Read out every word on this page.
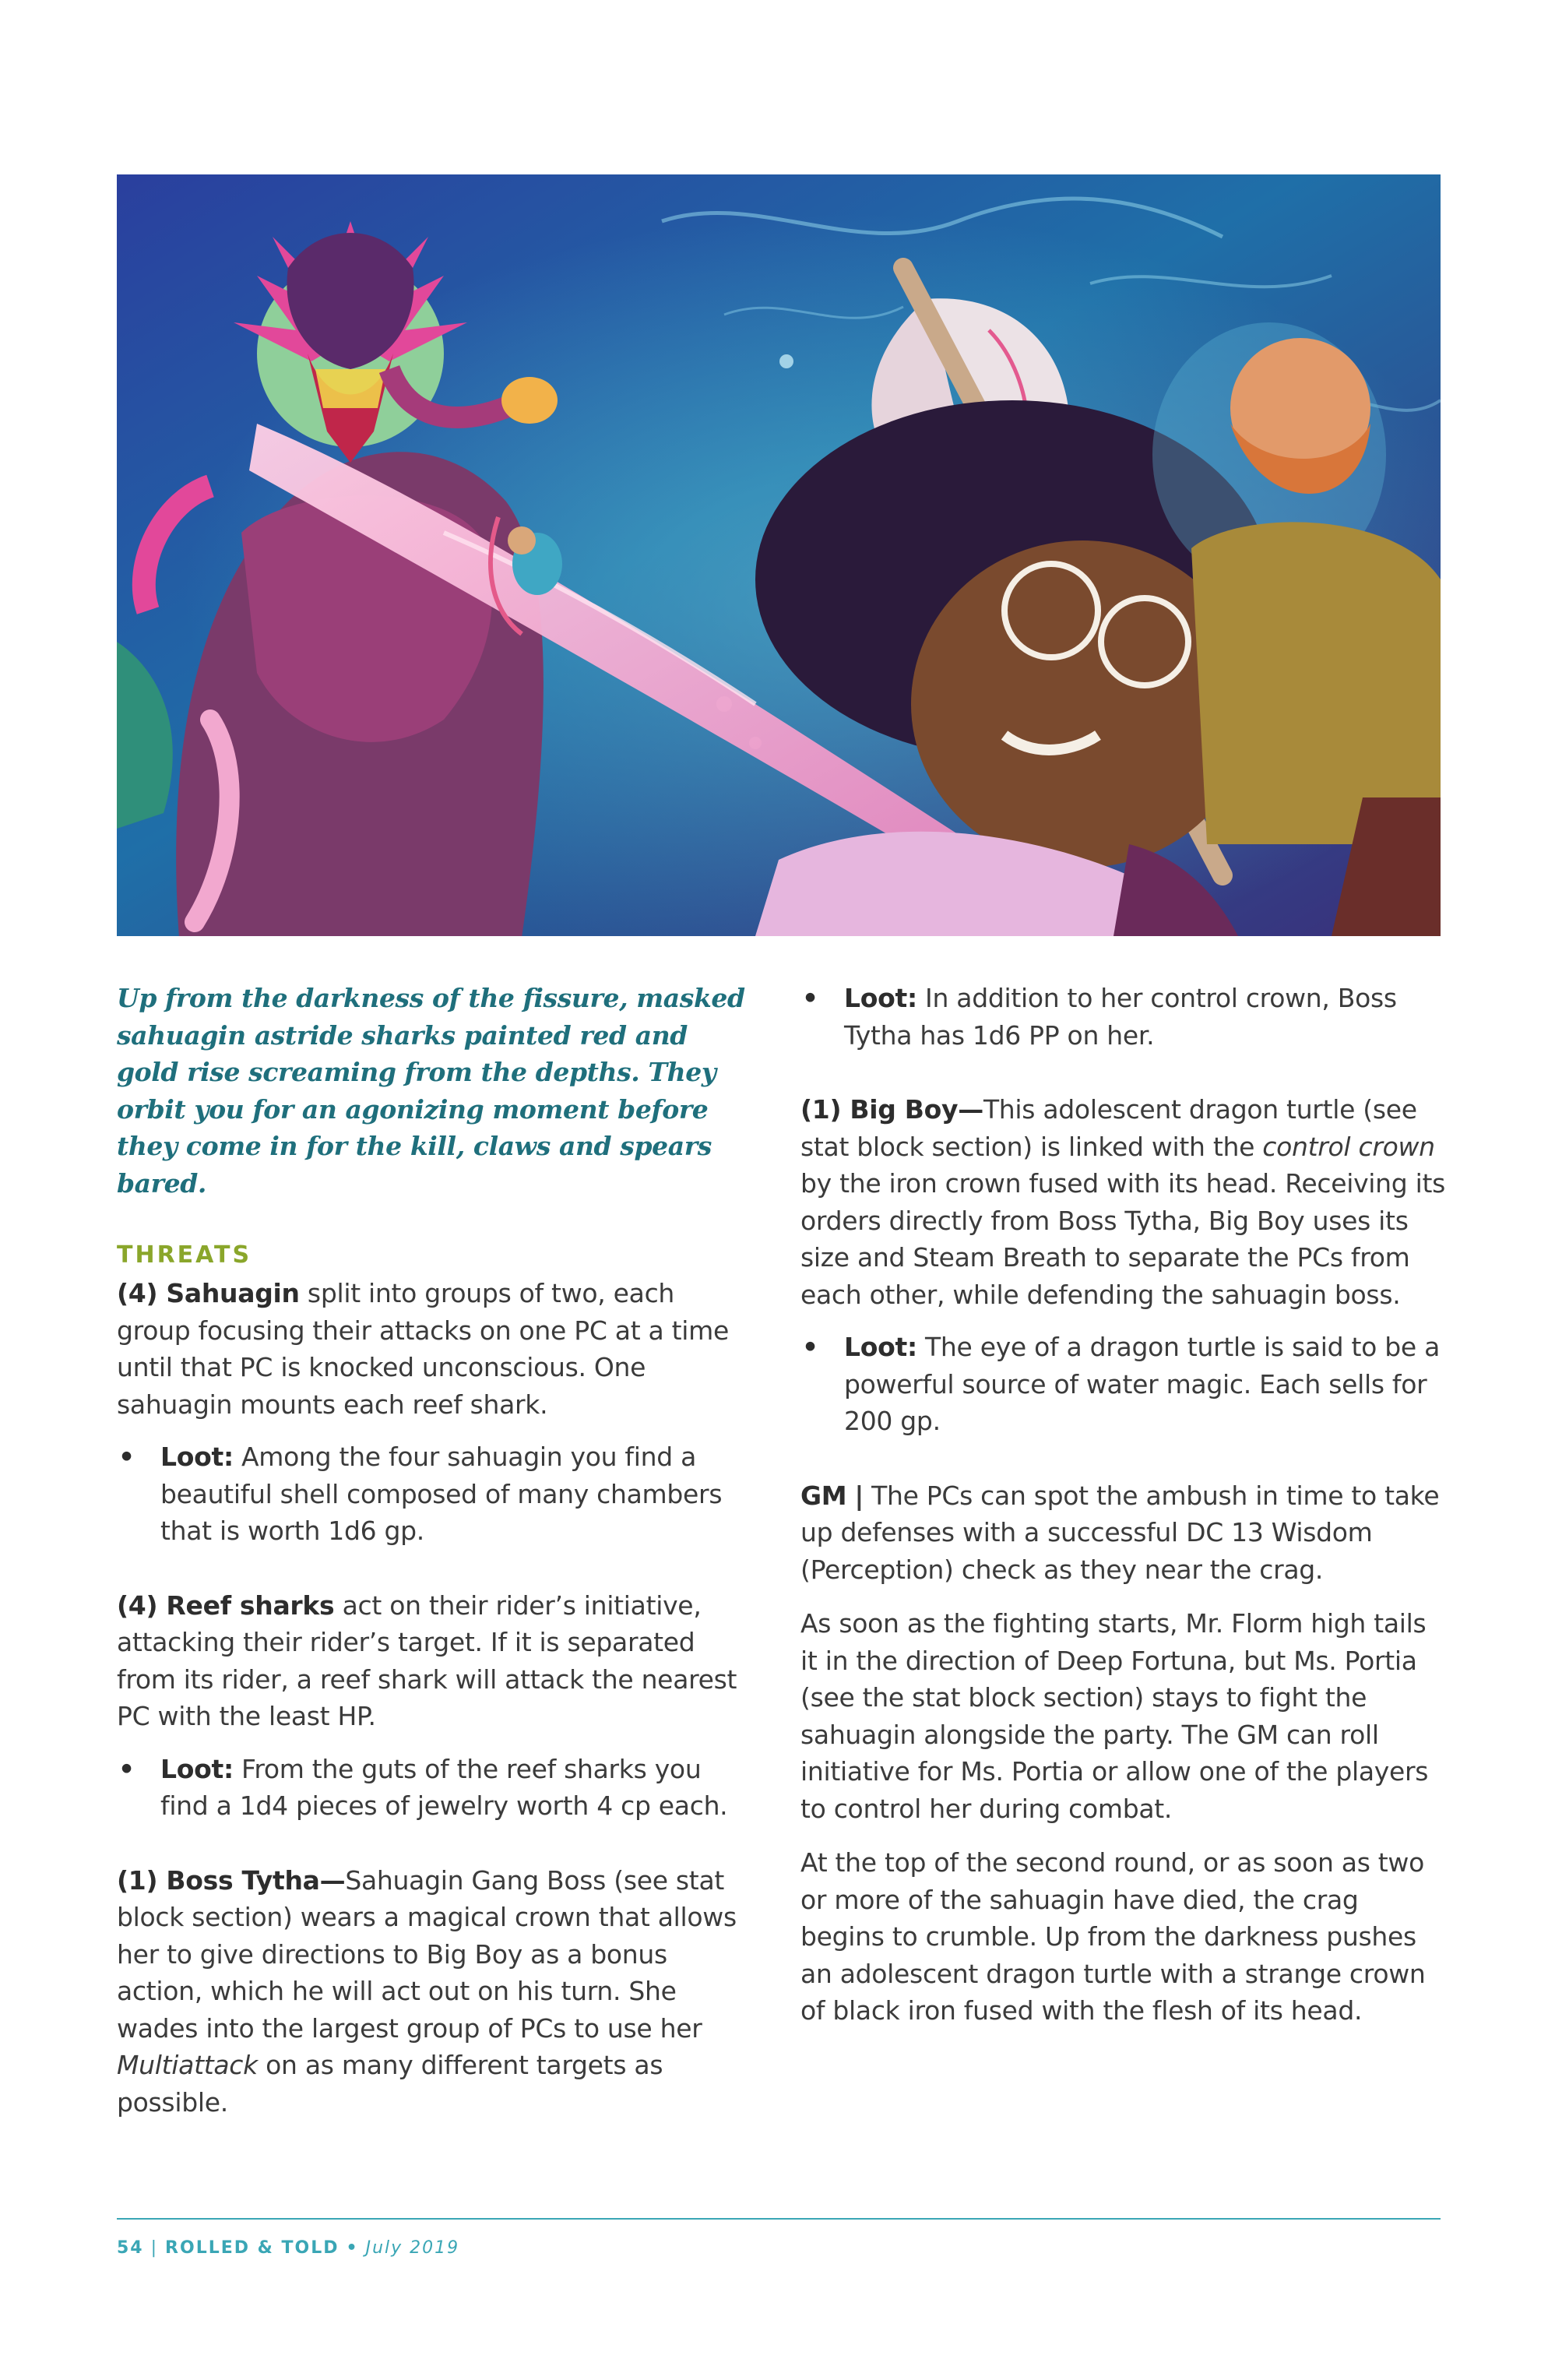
Up from the darkness of the fissure, masked sahuagin astride sharks painted red and gold rise screaming from the depths. They orbit you for an agonizing moment before they come in for the kill, claws and spears bared.

THREATS

(4) Sahuagin split into groups of two, each group focusing their attacks on one PC at a time until that PC is knocked unconscious. One sahuagin mounts each reef shark.

• Loot: Among the four sahuagin you find a beautiful shell composed of many chambers that is worth 1d6 gp.

(4) Reef sharks act on their rider’s initiative, attacking their rider’s target. If it is separated from its rider, a reef shark will attack the nearest PC with the least HP.

• Loot: From the guts of the reef sharks you find a 1d4 pieces of jewelry worth 4 cp each.

(1) Boss Tytha—Sahuagin Gang Boss (see stat block section) wears a magical crown that allows her to give directions to Big Boy as a bonus action, which he will act out on his turn. She wades into the largest group of PCs to use her Multiattack on as many different targets as possible.

• Loot: In addition to her control crown, Boss Tytha has 1d6 PP on her.

(1) Big Boy—This adolescent dragon turtle (see stat block section) is linked with the control crown by the iron crown fused with its head. Receiving its orders directly from Boss Tytha, Big Boy uses its size and Steam Breath to separate the PCs from each other, while defending the sahuagin boss.

• Loot: The eye of a dragon turtle is said to be a powerful source of water magic. Each sells for 200 gp.

GM | The PCs can spot the ambush in time to take up defenses with a successful DC 13 Wisdom (Perception) check as they near the crag.

As soon as the fighting starts, Mr. Florm high tails it in the direction of Deep Fortuna, but Ms. Portia (see the stat block section) stays to fight the sahuagin alongside the party. The GM can roll initiative for Ms. Portia or allow one of the players to control her during combat.

At the top of the second round, or as soon as two or more of the sahuagin have died, the crag begins to crumble. Up from the darkness pushes an adolescent dragon turtle with a strange crown of black iron fused with the flesh of its head.

54 | ROLLED & TOLD • July 2019
